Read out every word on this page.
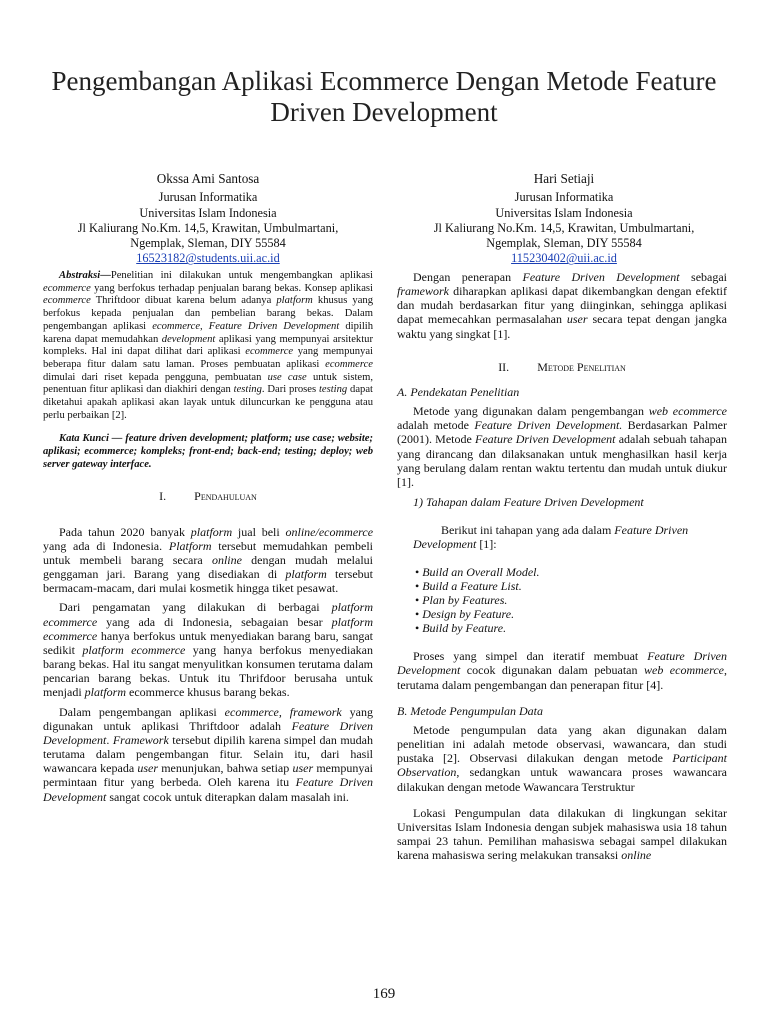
Pengembangan Aplikasi Ecommerce Dengan Metode Feature Driven Development
Okssa Ami Santosa
Jurusan Informatika
Universitas Islam Indonesia
Jl Kaliurang No.Km. 14,5, Krawitan, Umbulmartani,
Ngemplak, Sleman, DIY 55584
16523182@students.uii.ac.id
Hari Setiaji
Jurusan Informatika
Universitas Islam Indonesia
Jl Kaliurang No.Km. 14,5, Krawitan, Umbulmartani,
Ngemplak, Sleman, DIY 55584
115230402@uii.ac.id

Abstraksi—Penelitian ini dilakukan untuk mengembangkan aplikasi ecommerce yang berfokus terhadap penjualan barang bekas. Konsep aplikasi ecommerce Thriftdoor dibuat karena belum adanya platform khusus yang berfokus kepada penjualan dan pembelian barang bekas. Dalam pengembangan aplikasi ecommerce, Feature Driven Development dipilih karena dapat memudahkan development aplikasi yang mempunyai arsitektur kompleks. Hal ini dapat dilihat dari aplikasi ecommerce yang mempunyai beberapa fitur dalam satu laman. Proses pembuatan aplikasi ecommerce dimulai dari riset kepada pengguna, pembuatan use case untuk sistem, penentuan fitur aplikasi dan diakhiri dengan testing. Dari proses testing dapat diketahui apakah aplikasi akan layak untuk diluncurkan ke pengguna atau perlu perbaikan [2].

Kata Kunci — feature driven development; platform; use case; website; aplikasi; ecommerce; kompleks; front-end; back-end; testing; deploy; web server gateway interface.

I. Pendahuluan

Pada tahun 2020 banyak platform jual beli online/ecommerce yang ada di Indonesia. Platform tersebut memudahkan pembeli untuk membeli barang secara online dengan mudah melalui genggaman jari. Barang yang disediakan di platform tersebut bermacam-macam, dari mulai kosmetik hingga tiket pesawat.

Dari pengamatan yang dilakukan di berbagai platform ecommerce yang ada di Indonesia, sebagaian besar platform ecommerce hanya berfokus untuk menyediakan barang baru, sangat sedikit platform ecommerce yang hanya berfokus menyediakan barang bekas. Hal itu sangat menyulitkan konsumen terutama dalam pencarian barang bekas. Untuk itu Thrifdoor berusaha untuk menjadi platform ecommerce khusus barang bekas.

Dalam pengembangan aplikasi ecommerce, framework yang digunakan untuk aplikasi Thriftdoor adalah Feature Driven Development. Framework tersebut dipilih karena simpel dan mudah terutama dalam pengembangan fitur. Selain itu, dari hasil wawancara kepada user menunjukan, bahwa setiap user mempunyai permintaan fitur yang berbeda. Oleh karena itu Feature Driven Development sangat cocok untuk diterapkan dalam masalah ini.

Dengan penerapan Feature Driven Development sebagai framework diharapkan aplikasi dapat dikembangkan dengan efektif dan mudah berdasarkan fitur yang diinginkan, sehingga aplikasi dapat memecahkan permasalahan user secara tepat dengan jangka waktu yang singkat [1].

II. Metode Penelitian

A. Pendekatan Penelitian

Metode yang digunakan dalam pengembangan web ecommerce adalah metode Feature Driven Development. Berdasarkan Palmer (2001). Metode Feature Driven Development adalah sebuah tahapan yang dirancang dan dilaksanakan untuk menghasilkan hasil kerja yang berulang dalam rentan waktu tertentu dan mudah untuk diukur [1].

1) Tahapan dalam Feature Driven Development

Berikut ini tahapan yang ada dalam Feature Driven Development [1]:

• Build an Overall Model.
• Build a Feature List.
• Plan by Features.
• Design by Feature.
• Build by Feature.

Proses yang simpel dan iteratif membuat Feature Driven Development cocok digunakan dalam pebuatan web ecommerce, terutama dalam pengembangan dan penerapan fitur [4].

B. Metode Pengumpulan Data

Metode pengumpulan data yang akan digunakan dalam penelitian ini adalah metode observasi, wawancara, dan studi pustaka [2]. Observasi dilakukan dengan metode Participant Observation, sedangkan untuk wawancara proses wawancara dilakukan dengan metode Wawancara Terstruktur

Lokasi Pengumpulan data dilakukan di lingkungan sekitar Universitas Islam Indonesia dengan subjek mahasiswa usia 18 tahun sampai 23 tahun. Pemilihan mahasiswa sebagai sampel dilakukan karena mahasiswa sering melakukan transaksi online

169
